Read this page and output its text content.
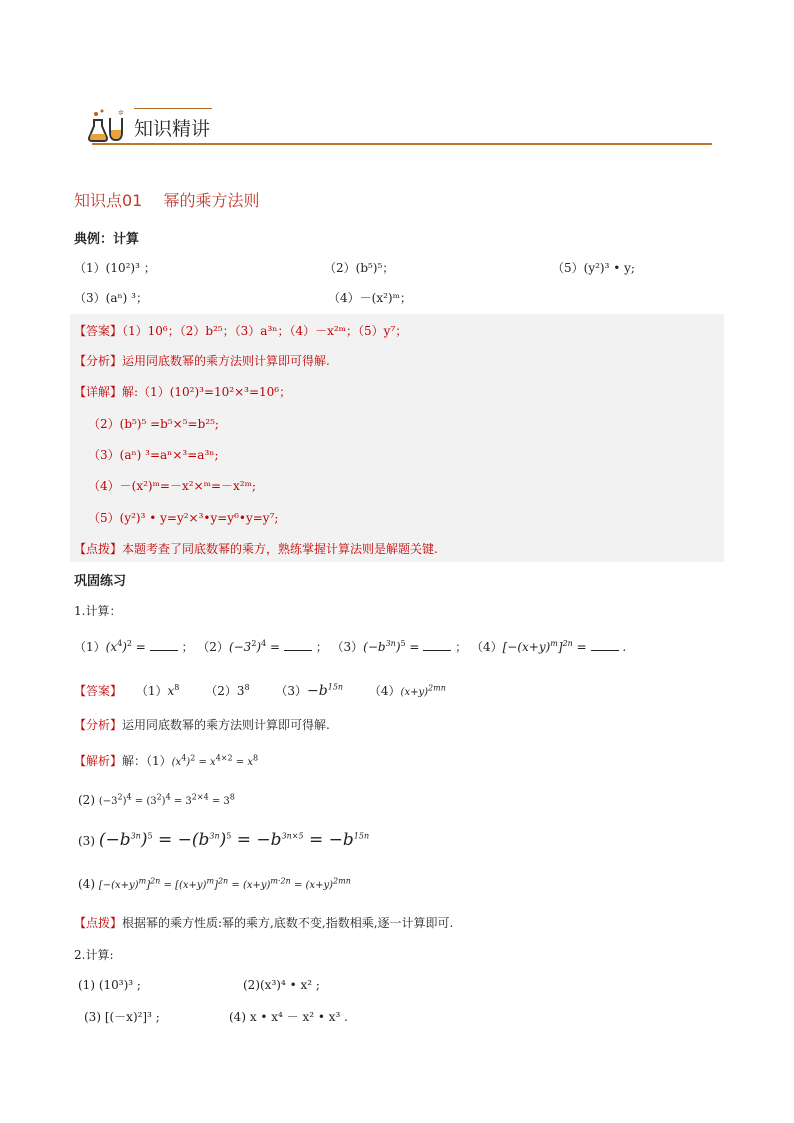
✲
知识精讲
知识点01　 幂的乘方法则
典例：计算
（1）(10²)³ ；	（2）(b⁵)⁵；	（5）(y²)³ • y;
（3）(aⁿ) ³；	（4）－(x²)ᵐ；
【答案】（1）10⁶；（2）b²⁵；（3）a³ⁿ；（4）－x²ᵐ；（5）y⁷；
【分析】运用同底数幂的乘方法则计算即可得解.
【详解】解:（1）(10²)³=10²×³=10⁶；
（2）(b⁵)⁵ =b⁵×⁵=b²⁵;
（3）(aⁿ) ³=aⁿ×³=a³ⁿ;
（4）－(x²)ᵐ=－x²×ᵐ=－x²ᵐ;
（5）(y²)³ • y=y²×³•y=y⁶•y=y⁷;
【点拨】本题考查了同底数幂的乘方，熟练掌握计算法则是解题关键.
巩固练习
1.计算：
$(1)(x^4)^2$ =  ； $(2)(-3^2)^4$ =  ； $(3)(-b^{3n})^5$ =  ； $(4)[-(x+y)^m]^{2n}$ =  .
【答案】 $(1)x^8$ $(2)3^8$ $(3)-b^{15n}$ $(4)(x+y)^{2mn}$
【分析】运用同底数幂的乘方法则计算即可得解.
【解析】解：$(1)(x^4)^2 = x^{4\times 2} = x^8$
(2) $(-3^2)^4 = (3^2)^4 = 3^{2\times 4} = 3^8$
(3) $(-b^{3n})^5 = -(b^{3n})^5 = -b^{3n\times 5} = -b^{15n}$
(4) $[-(x+y)^m]^{2n} = [(x+y)^m]^{2n} = (x+y)^{m\cdot 2n} = (x+y)^{2mn}$
【点拨】根据幂的乘方性质:幂的乘方,底数不变,指数相乘,逐一计算即可.
2.计算:
(1) (10³)³ ;	(2)(x³)⁴ • x² ;
(3) [(－x)²]³ ;	(4) x • x⁴ － x² • x³ .
